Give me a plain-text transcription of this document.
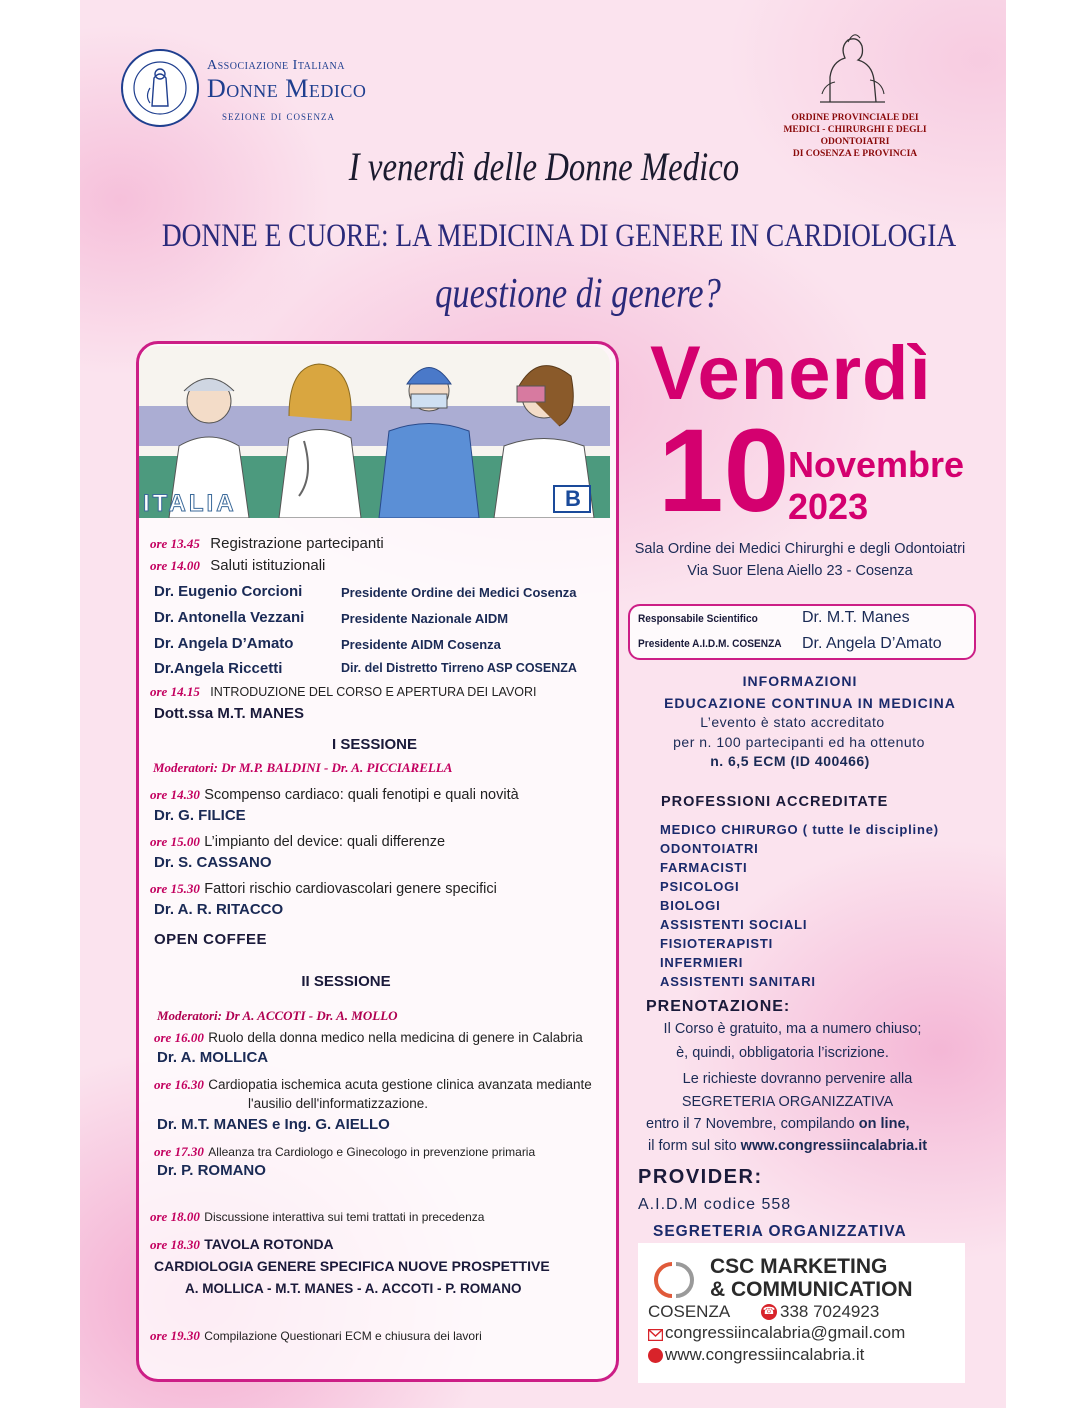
Associazione Italiana
Donne Medico
sezione di cosenza	ORDINE PROVINCIALE DEI
MEDICI - CHIRURGHI E DEGLI ODONTOIATRI
DI COSENZA E PROVINCIA
I venerdì delle Donne Medico
DONNE E CUORE: LA MEDICINA DI GENERE IN CARDIOLOGIA
questione di genere?
ITALIA	B
ore 13.45 Registrazione partecipanti
ore 14.00 Saluti istituzionali
Dr. Eugenio Corcioni	Presidente Ordine dei Medici Cosenza
Dr. Antonella Vezzani	Presidente Nazionale AIDM
Dr. Angela D’Amato	Presidente AIDM Cosenza
Dr.Angela Riccetti	Dir. del Distretto Tirreno ASP COSENZA
ore 14.15 INTRODUZIONE DEL CORSO E APERTURA DEI LAVORI
Dott.ssa M.T. MANES
I SESSIONE
Moderatori: Dr M.P. BALDINI - Dr. A. PICCIARELLA
ore 14.30 Scompenso cardiaco: quali fenotipi e quali novità
Dr. G. FILICE
ore 15.00 L’impianto del device: quali differenze
Dr. S. CASSANO
ore 15.30 Fattori rischio cardiovascolari genere specifici
Dr. A. R. RITACCO
OPEN COFFEE
II SESSIONE
Moderatori: Dr A. ACCOTI - Dr. A. MOLLO
ore 16.00 Ruolo della donna medico nella medicina di genere in Calabria
Dr. A. MOLLICA
ore 16.30 Cardiopatia ischemica acuta gestione clinica avanzata mediante
l'ausilio dell'informatizzazione.
Dr. M.T. MANES e Ing. G. AIELLO
ore 17.30 Alleanza tra Cardiologo e Ginecologo in prevenzione primaria
Dr. P. ROMANO
ore 18.00 Discussione interattiva sui temi trattati in precedenza
ore 18.30 TAVOLA ROTONDA
CARDIOLOGIA GENERE SPECIFICA NUOVE PROSPETTIVE
A. MOLLICA - M.T. MANES - A. ACCOTI - P. ROMANO
ore 19.30 Compilazione Questionari ECM e chiusura dei lavori
Venerdì
10
Novembre
2023
Sala Ordine dei Medici Chirurghi e degli Odontoiatri
Via Suor Elena Aiello 23 - Cosenza
Responsabile Scientifico	Dr. M.T. Manes
Presidente A.I.D.M. COSENZA Dr. Angela D’Amato
INFORMAZIONI
EDUCAZIONE CONTINUA IN MEDICINA
L’evento è stato accreditato
per n. 100 partecipanti ed ha ottenuto
n. 6,5 ECM (ID 400466)
PROFESSIONI ACCREDITATE
MEDICO CHIRURGO ( tutte le discipline)
ODONTOIATRI
FARMACISTI
PSICOLOGI
BIOLOGI
ASSISTENTI SOCIALI
FISIOTERAPISTI
INFERMIERI
ASSISTENTI SANITARI
PRENOTAZIONE:
Il Corso è gratuito, ma a numero chiuso;
è, quindi, obbligatoria l’iscrizione.
Le richieste dovranno pervenire alla
SEGRETERIA ORGANIZZATIVA
entro il 7 Novembre, compilando on line,
il form sul sito www.congressiincalabria.it
PROVIDER:
A.I.D.M codice 558
SEGRETERIA ORGANIZZATIVA
CSC MARKETING
& COMMUNICATION
COSENZA	☎ 338 7024923
congressiincalabria@gmail.com
www.congressiincalabria.it
